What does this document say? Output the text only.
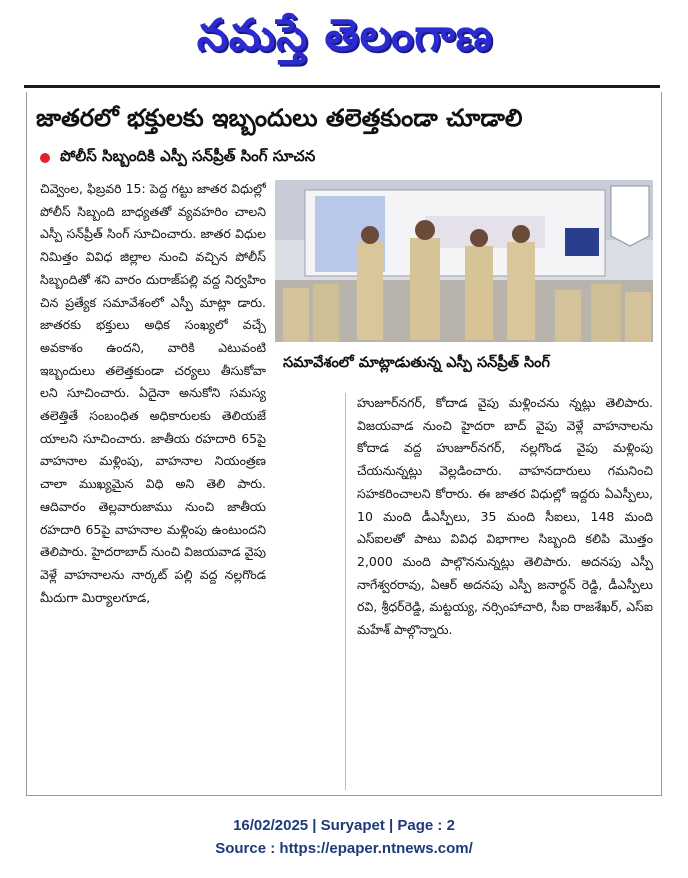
నమస్తే తెలంగాణ
జాతరలో భక్తులకు ఇబ్బందులు తలెత్తకుండా చూడాలి
పోలీస్ సిబ్బందికి ఎస్పీ సన్‌ప్రీత్ సింగ్ సూచన
చివ్వెంల, ఫిబ్రవరి 15: పెద్ద గట్టు జాతర విధుల్లో పోలీస్ సిబ్బంది బాధ్యతతో వ్యవహరిం చాలని ఎస్పీ సన్‌ప్రీత్ సింగ్ సూచించారు. జాతర విధుల నిమిత్తం వివిధ జిల్లాల నుంచి వచ్చిన పోలీస్ సిబ్బందితో శని వారం దురాజ్‌పల్లి వద్ద నిర్వహిం చిన ప్రత్యేక సమావేశంలో ఎస్పీ మాట్లా డారు. జాతరకు భక్తులు అధిక సంఖ్యలో వచ్చే అవకాశం ఉందని, వారికి ఎటువంటి ఇబ్బందులు తలెత్తకుండా చర్యలు తీసుకోవా లని సూచించారు. ఏదైనా అనుకోని సమస్య తలెత్తితే సంబంధిత అధికారులకు తెలియజే యాలని సూచించారు. జాతీయ రహదారి 65పై వాహనాల మళ్లింపు, వాహనాల నియంత్రణ చాలా ముఖ్యమైన విధి అని తెలి పారు. ఆదివారం తెల్లవారుజాము నుంచి జాతీయ రహదారి 65పై వాహనాల మళ్లింపు ఉంటుందని తెలిపారు. హైదరాబాద్ నుంచి విజయవాడ వైపు వెళ్లే వాహనాలను నార్కట్ పల్లి వద్ద నల్లగొండ మీదుగా మిర్యాలగూడ,
సమావేశంలో మాట్లాడుతున్న ఎస్పీ సన్‌ప్రీత్ సింగ్
హుజూర్‌నగర్, కోదాడ వైపు మళ్లించను న్నట్లు తెలిపారు. విజయవాడ నుంచి హైదరా బాద్ వైపు వెళ్లే వాహనాలను కోదాడ వద్ద హుజూర్‌నగర్, నల్లగొండ వైపు మళ్లింపు చేయనున్నట్లు వెల్లడించారు. వాహనదారులు గమనించి సహకరించాలని కోరారు. ఈ జాతర విధుల్లో ఇద్దరు ఏఎస్పీలు, 10 మంది డీఎస్పీలు, 35 మంది సీఐలు, 148 మంది ఎస్ఐలతో పాటు వివిధ విభాగాల సిబ్బంది కలిపి మొత్తం 2,000 మంది పాల్గొననున్నట్లు తెలిపారు. అదనపు ఎస్పీ నాగేశ్వరరావు, ఏఆర్ అదనపు ఎస్పీ జనార్ధన్ రెడ్డి, డీఎస్పీలు రవి, శ్రీధర్‌రెడ్డి, మట్టయ్య, నర్సింహాచారి, సీఐ రాజశేఖర్, ఎస్ఐ మహేశ్ పాల్గొన్నారు.
16/02/2025 | Suryapet | Page : 2
Source : https://epaper.ntnews.com/
